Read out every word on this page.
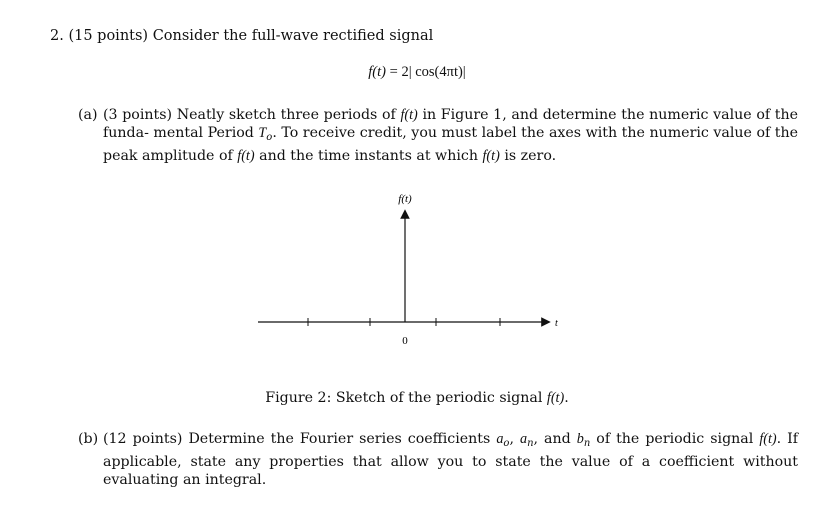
2. (15 points) Consider the full-wave rectified signal
f(t) = 2| cos(4πt)|
(a) (3 points) Neatly sketch three periods of f(t) in Figure 1, and determine the numeric value of the funda- mental Period $T_o$. To receive credit, you must label the axes with the numeric value of the peak amplitude of f(t) and the time instants at which f(t) is zero.
f(t)
t
0
Figure 2: Sketch of the periodic signal f(t).
(b) (12 points) Determine the Fourier series coefficients $a_o$, $a_n$, and $b_n$ of the periodic signal f(t). If applicable, state any properties that allow you to state the value of a coefficient without evaluating an integral.
